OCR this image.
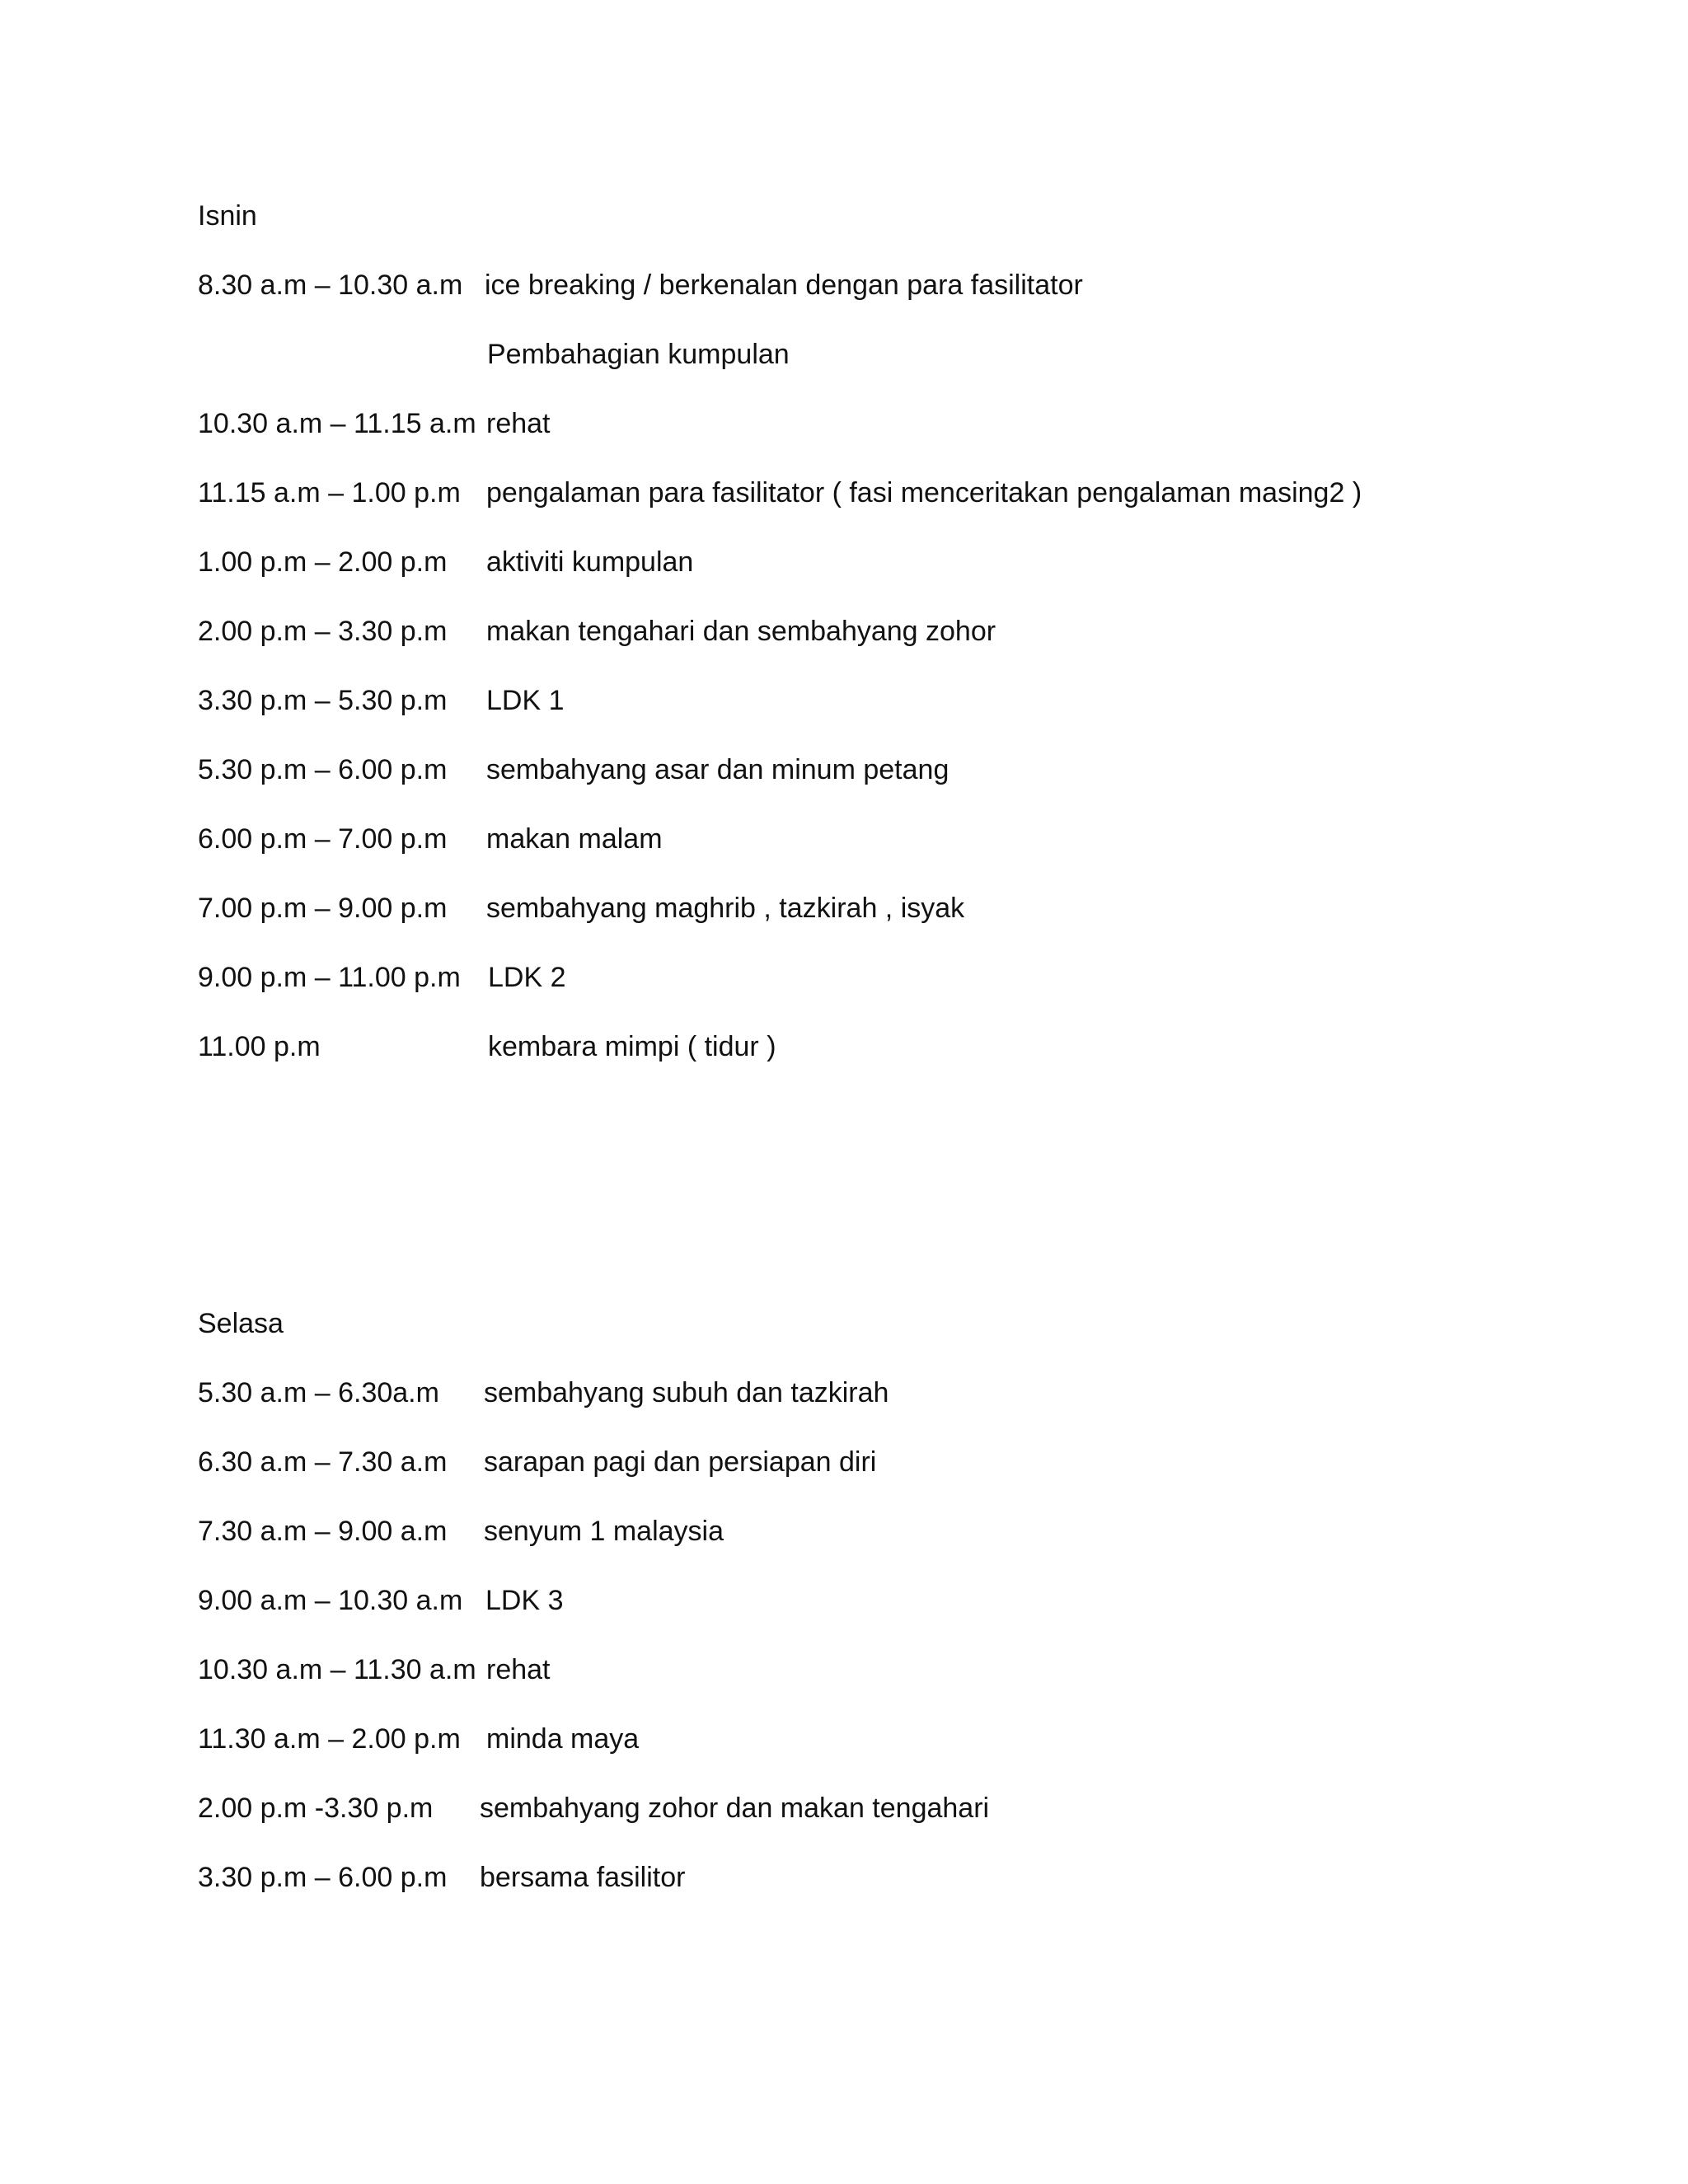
Isnin
8.30 a.m – 10.30 a.m ice breaking / berkenalan dengan para fasilitator
Pembahagian kumpulan
10.30 a.m – 11.15 a.m rehat
11.15 a.m – 1.00 p.m pengalaman para fasilitator ( fasi menceritakan pengalaman masing2 )
1.00 p.m – 2.00 p.m aktiviti kumpulan
2.00 p.m – 3.30 p.m makan tengahari dan sembahyang zohor
3.30 p.m – 5.30 p.m LDK 1
5.30 p.m – 6.00 p.m sembahyang asar dan minum petang
6.00 p.m – 7.00 p.m makan malam
7.00 p.m – 9.00 p.m sembahyang maghrib , tazkirah , isyak
9.00 p.m – 11.00 p.m LDK 2
11.00 p.m	kembara mimpi ( tidur )
Selasa
5.30 a.m – 6.30a.m sembahyang subuh dan tazkirah
6.30 a.m – 7.30 a.m sarapan pagi dan persiapan diri
7.30 a.m – 9.00 a.m senyum 1 malaysia
9.00 a.m – 10.30 a.m LDK 3
10.30 a.m – 11.30 a.m rehat
11.30 a.m – 2.00 p.m minda maya
2.00 p.m -3.30 p.m sembahyang zohor dan makan tengahari
3.30 p.m – 6.00 p.m bersama fasilitor
